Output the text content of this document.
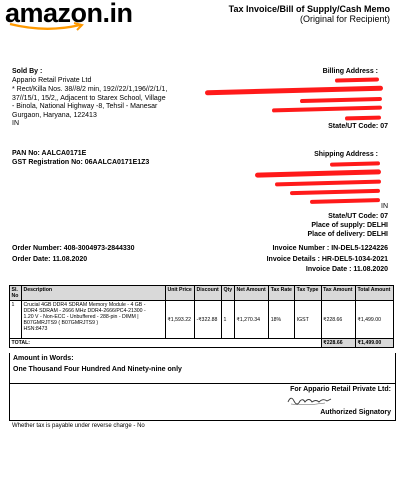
amazon.in	Tax Invoice/Bill of Supply/Cash Memo
(Original for Recipient)
Sold By :
Appario Retail Private Ltd
* Rect/Killa Nos. 38//8/2 min, 192//22/1,196//2/1/1,
37//15/1, 15/2,, Adjacent to Starex School, Village
- Binola, National Highway -8, Tehsil - Manesar
Gurgaon, Haryana, 122413
IN
Billing Address :
State/UT Code: 07
PAN No: AALCA0171E
GST Registration No: 06AALCA0171E1Z3
Shipping Address :
IN
State/UT Code: 07
Place of supply: DELHI
Place of delivery: DELHI
Order Number: 408-3004973-2844330
Order Date: 11.08.2020
Invoice Number : IN-DEL5-1224226
Invoice Details : HR-DEL5-1034-2021
Invoice Date : 11.08.2020
Sl. No	Description	Unit Price	Discount	Qty	Net Amount	Tax Rate	Tax Type	Tax Amount	Total Amount
1	Crucial 4GB DDR4 SDRAM Memory Module - 4 GB -
DDR4 SDRAM - 2666 MHz DDR4-2666/PC4-21300 -
1.20 V - Non-ECC - Unbuffered - 288-pin - DIMM |
B07GMRJTS9 ( B07GMRJTS9 )
HSN:8473	₹1,593.22	-₹322.88	1	₹1,270.34	18%	IGST	₹228.66	₹1,499.00
TOTAL:								₹228.66	₹1,499.00
Amount in Words:
One Thousand Four Hundred And Ninety-nine only
For Appario Retail Private Ltd:
Authorized Signatory
Whether tax is payable under reverse charge - No
